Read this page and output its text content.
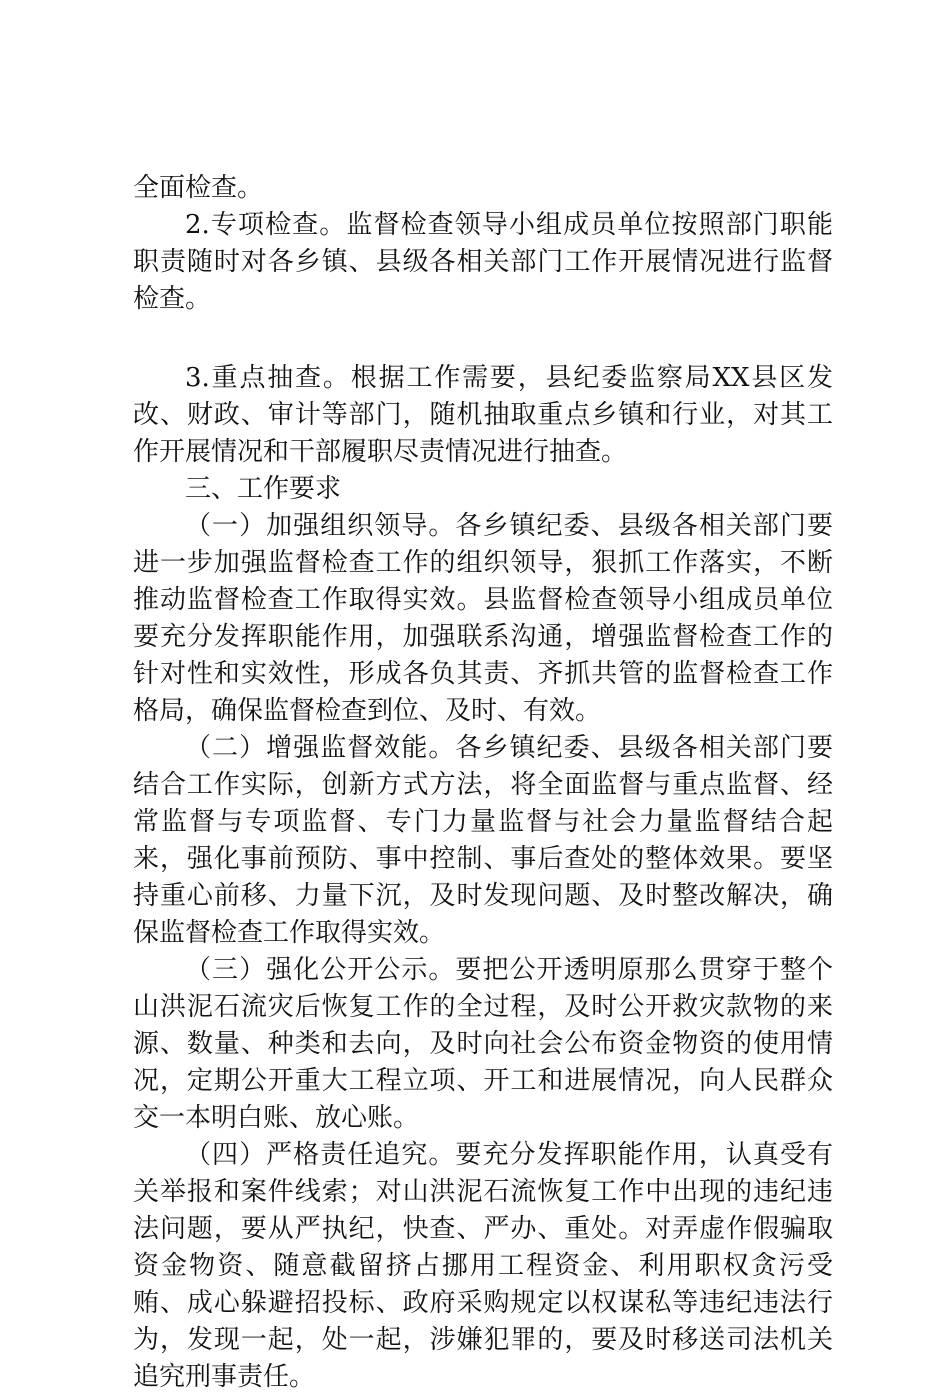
全面检查。

2.专项检查。监督检查领导小组成员单位按照部门职能职责随时对各乡镇、县级各相关部门工作开展情况进行监督检查。

3.重点抽查。根据工作需要，县纪委监察局XX县区发改、财政、审计等部门，随机抽取重点乡镇和行业，对其工作开展情况和干部履职尽责情况进行抽查。

三、工作要求

（一）加强组织领导。各乡镇纪委、县级各相关部门要进一步加强监督检查工作的组织领导，狠抓工作落实，不断推动监督检查工作取得实效。县监督检查领导小组成员单位要充分发挥职能作用，加强联系沟通，增强监督检查工作的针对性和实效性，形成各负其责、齐抓共管的监督检查工作格局，确保监督检查到位、及时、有效。

（二）增强监督效能。各乡镇纪委、县级各相关部门要结合工作实际，创新方式方法，将全面监督与重点监督、经常监督与专项监督、专门力量监督与社会力量监督结合起来，强化事前预防、事中控制、事后查处的整体效果。要坚持重心前移、力量下沉，及时发现问题、及时整改解决，确保监督检查工作取得实效。

（三）强化公开公示。要把公开透明原那么贯穿于整个山洪泥石流灾后恢复工作的全过程，及时公开救灾款物的来源、数量、种类和去向，及时向社会公布资金物资的使用情况，定期公开重大工程立项、开工和进展情况，向人民群众交一本明白账、放心账。

（四）严格责任追究。要充分发挥职能作用，认真受有关举报和案件线索；对山洪泥石流恢复工作中出现的违纪违法问题，要从严执纪，快查、严办、重处。对弄虚作假骗取资金物资、随意截留挤占挪用工程资金、利用职权贪污受贿、成心躲避招投标、政府采购规定以权谋私等违纪违法行为，发现一起，处一起，涉嫌犯罪的，要及时移送司法机关追究刑事责任。
